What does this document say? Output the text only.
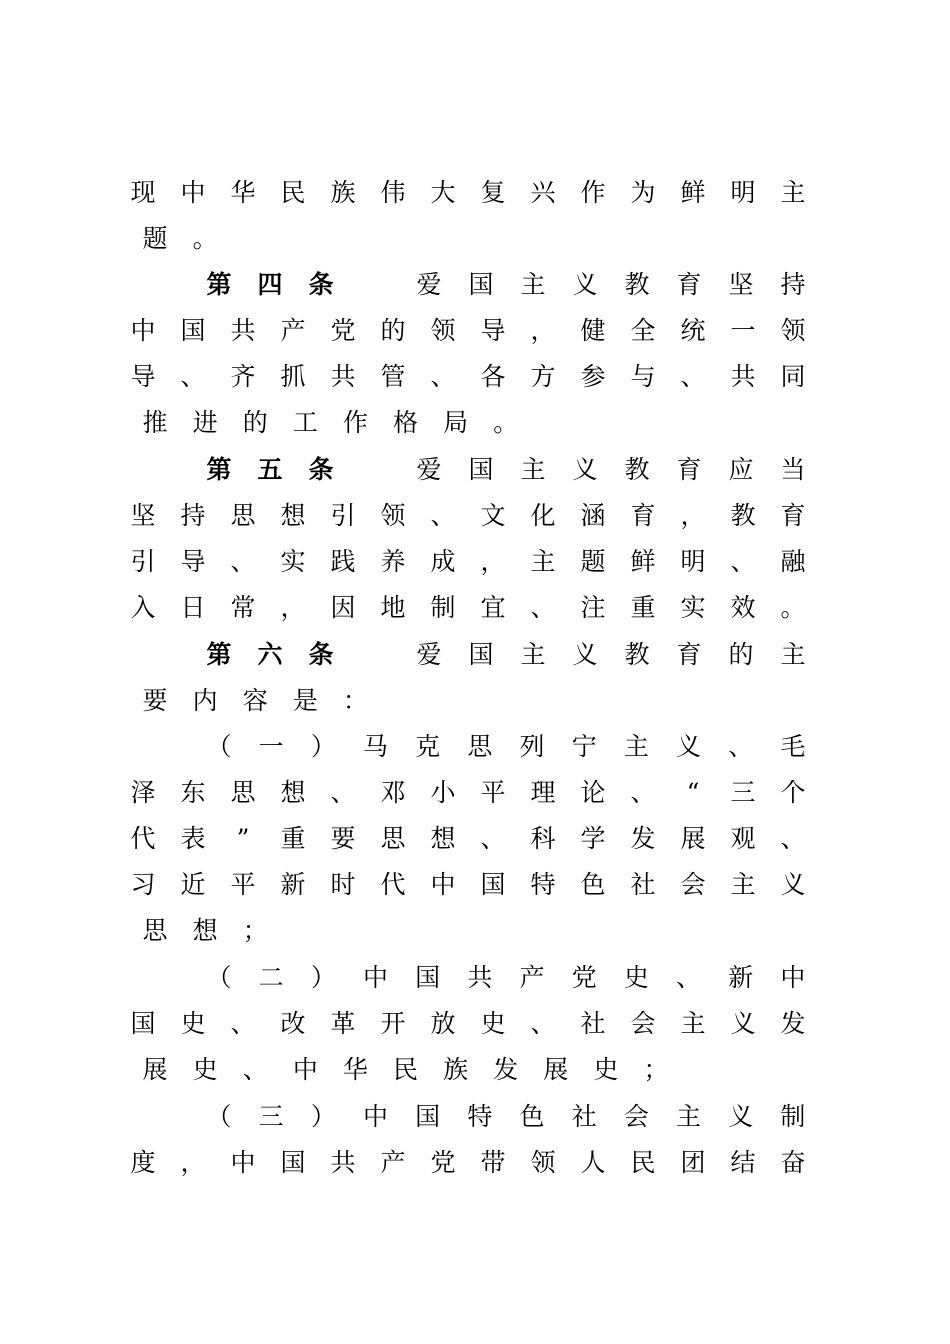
现 中 华 民 族 伟 大 复 兴 作 为 鲜 明 主
题	。
第 四 条	爱 国 主 义 教 育 坚 持
中 国 共 产 党 的 领 导 ， 健 全 统 一 领
导 、 齐 抓 共 管 、 各 方 参 与 、 共 同
推	进	的	工	作	格	局	。
第 五 条	爱 国 主 义 教 育 应 当
坚 持 思 想 引 领 、 文 化 涵 育 ， 教 育
引 导 、 实 践 养 成 ， 主 题 鲜 明 、 融
入 日 常 ， 因 地 制 宜 、 注 重 实 效 。
第 六 条	爱 国 主 义 教 育 的 主
要	内	容	是	：
（ 一 ） 马 克 思 列 宁 主 义 、 毛
泽 东 思 想 、 邓 小 平 理 论 、 “ 三 个
代 表 ” 重 要 思 想 、 科 学 发 展 观 、
习 近 平 新 时 代 中 国 特 色 社 会 主 义
思	想	；
（ 二 ） 中 国 共 产 党 史 、 新 中
国 史 、 改 革 开 放 史 、 社 会 主 义 发
展	史	、	中	华	民	族	发	展	史	；
（ 三 ） 中 国 特 色 社 会 主 义 制
度 ， 中 国 共 产 党 带 领 人 民 团 结 奋
